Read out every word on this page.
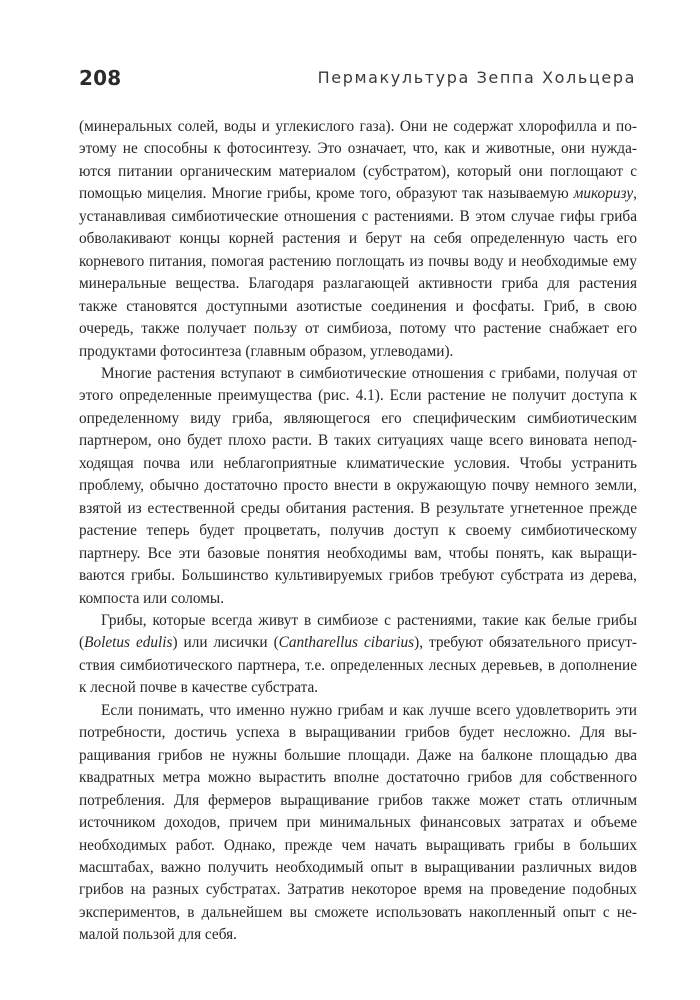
208	Пермакультура Зеппа Хольцера

(минеральных солей, воды и углекислого газа). Они не содержат хлорофилла и поэтому не способны к фотосинтезу. Это означает, что, как и животные, они нуждаются питании органическим материалом (субстратом), который они поглощают с помощью мицелия. Многие грибы, кроме того, образуют так называемую микоризу, устанавливая симбиотические отношения с растениями. В этом случае гифы гриба обволакивают концы корней растения и берут на себя определенную часть его корневого питания, помогая растению поглощать из почвы воду и необходимые ему минеральные вещества. Благодаря разлагающей активности гриба для растения также становятся доступными азотистые соединения и фосфаты. Гриб, в свою очередь, также получает пользу от симбиоза, потому что растение снабжает его продуктами фотосинтеза (главным образом, углеводами).

Многие растения вступают в симбиотические отношения с грибами, получая от этого определенные преимущества (рис. 4.1). Если растение не получит доступа к определенному виду гриба, являющегося его специфическим симбиотическим партнером, оно будет плохо расти. В таких ситуациях чаще всего виновата неподходящая почва или неблагоприятные климатические условия. Чтобы устранить проблему, обычно достаточно просто внести в окружающую почву немного земли, взятой из естественной среды обитания растения. В результате угнетенное прежде растение теперь будет процветать, получив доступ к своему симбиотическому партнеру. Все эти базовые понятия необходимы вам, чтобы понять, как выращиваются грибы. Большинство культивируемых грибов требуют субстрата из дерева, компоста или соломы.

Грибы, которые всегда живут в симбиозе с растениями, такие как белые грибы (Boletus edulis) или лисички (Cantharellus cibarius), требуют обязательного присутствия симбиотического партнера, т.е. определенных лесных деревьев, в дополнение к лесной почве в качестве субстрата.

Если понимать, что именно нужно грибам и как лучше всего удовлетворить эти потребности, достичь успеха в выращивании грибов будет несложно. Для выращивания грибов не нужны большие площади. Даже на балконе площадью два квадратных метра можно вырастить вполне достаточно грибов для собственного потребления. Для фермеров выращивание грибов также может стать отличным источником доходов, причем при минимальных финансовых затратах и объеме необходимых работ. Однако, прежде чем начать выращивать грибы в больших масштабах, важно получить необходимый опыт в выращивании различных видов грибов на разных субстратах. Затратив некоторое время на проведение подобных экспериментов, в дальнейшем вы сможете использовать накопленный опыт с немалой пользой для себя.
